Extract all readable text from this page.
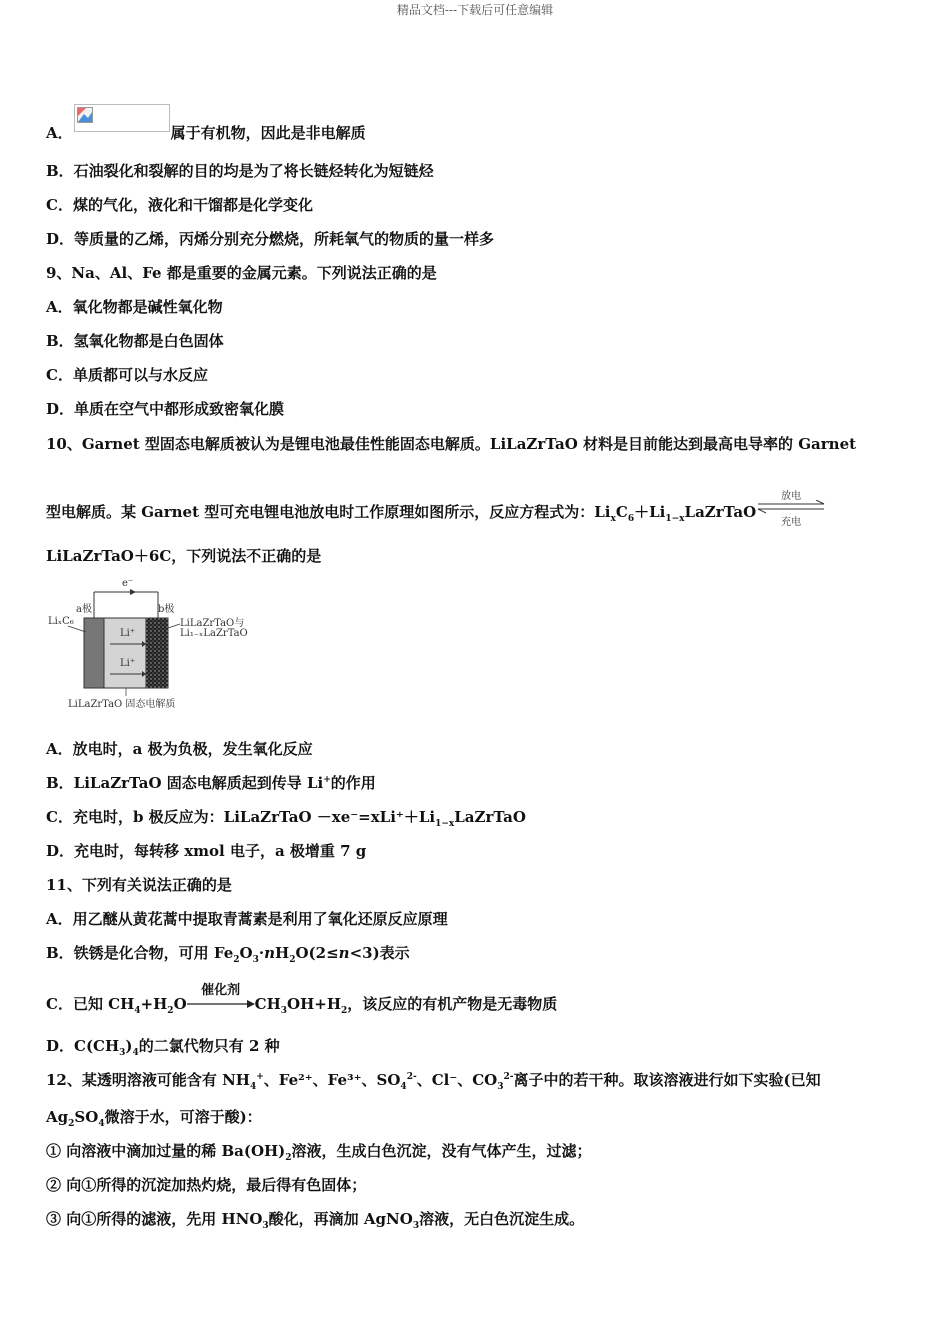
精品文档---下载后可任意编辑
A．	属于有机物，因此是非电解质
B．石油裂化和裂解的目的均是为了将长链烃转化为短链烃
C．煤的气化，液化和干馏都是化学变化
D．等质量的乙烯，丙烯分别充分燃烧，所耗氧气的物质的量一样多
9、Na、Al、Fe 都是重要的金属元素。下列说法正确的是
A．氧化物都是碱性氧化物
B．氢氧化物都是白色固体
C．单质都可以与水反应
D．单质在空气中都形成致密氧化膜
10、Garnet 型固态电解质被认为是锂电池最佳性能固态电解质。LiLaZrTaO 材料是目前能达到最高电导率的 Garnet
型电解质。某 Garnet 型可充电锂电池放电时工作原理如图所示，反应方程式为：$Li_xC_6+Li_{1-x}LaZrTaO$
放电
充电
LiLaZrTaO＋6C，下列说法不正确的是
e⁻
a极	b极
LiₓC₆	LiLaZrTaO与
Li₁₋ₓLaZrTaO
Li⁺
Li⁺
LiLaZrTaO 固态电解质
A．放电时，a 极为负极，发生氧化反应
B．LiLaZrTaO 固态电解质起到传导 Li+的作用
C．充电时，b 极反应为：LiLaZrTaO $-xe^-=xLi^++Li_{1-x}LaZrTaO$
D．充电时，每转移 xmol 电子，a 极增重 7 g
11、下列有关说法正确的是
A．用乙醚从黄花蒿中提取青蒿素是利用了氧化还原反应原理
B．铁锈是化合物，可用 $Fe_2O_3\cdot nH_2O(2\le n<3)$表示
C．已知 $CH_4+H_2O$
催化剂
$CH_3OH+H_2$，该反应的有机产物是无毒物质
D．$C(CH_3)_4$的二氯代物只有 2 种
12、某透明溶液可能含有 $NH_4^+$、Fe²⁺、Fe³⁺、$SO_4^{2-}$、Cl⁻、$CO_3^{2-}$离子中的若干种。取该溶液进行如下实验(已知
$Ag_2SO_4$微溶于水，可溶于酸)：
① 向溶液中滴加过量的稀 $Ba(OH)_2$溶液，生成白色沉淀，没有气体产生，过滤；
② 向①所得的沉淀加热灼烧，最后得有色固体；
③ 向①所得的滤液，先用 $HNO_3$酸化，再滴加 AgNO$_3$溶液，无白色沉淀生成。
